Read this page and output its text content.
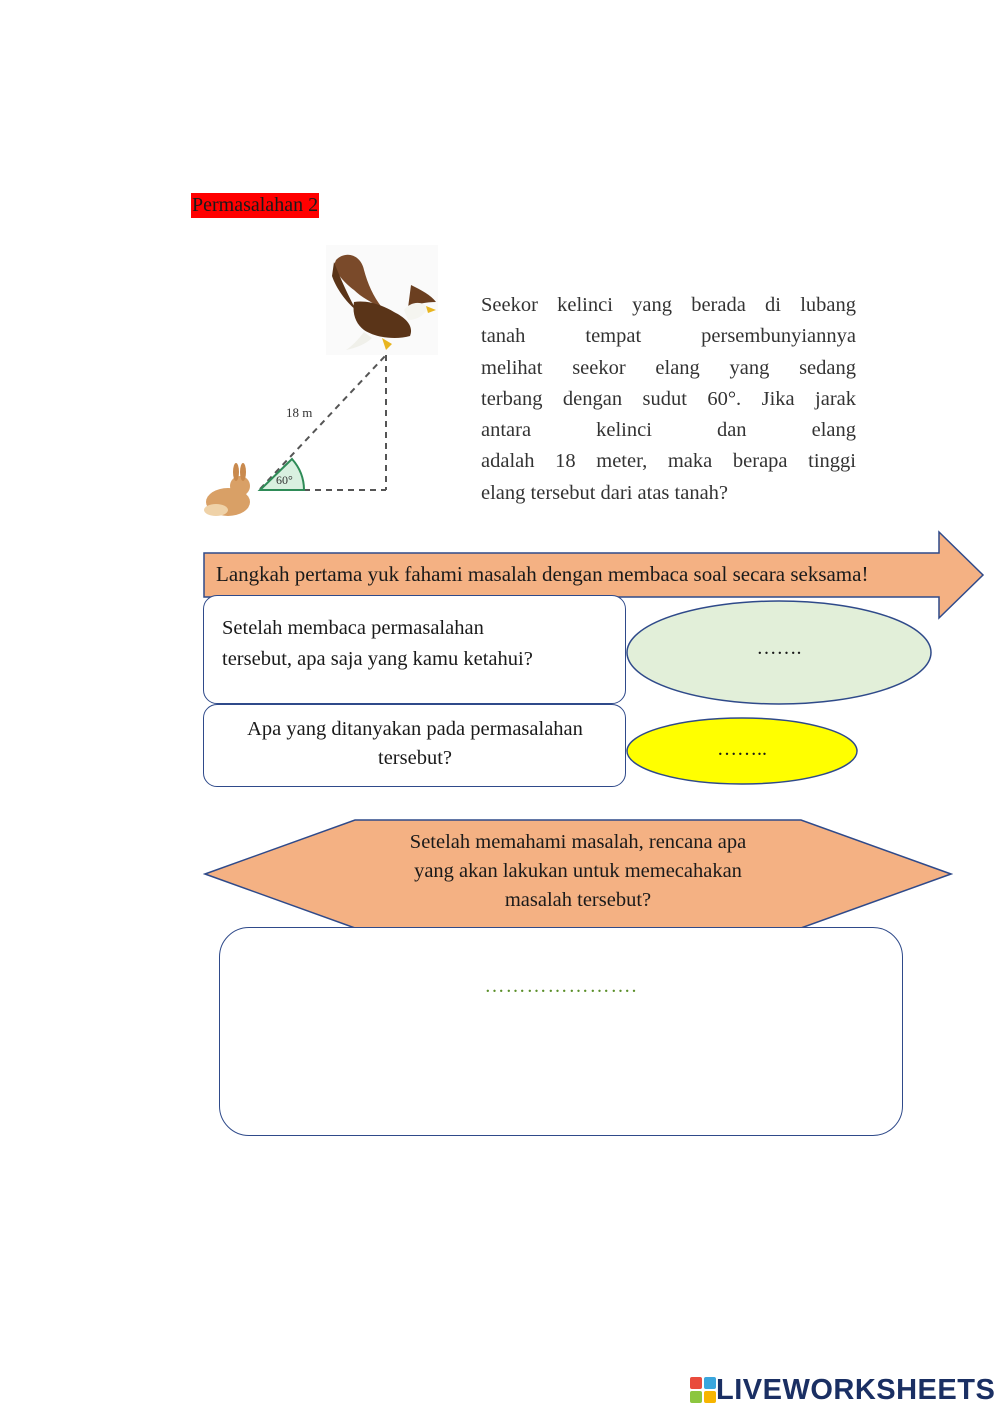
Permasalahan 2
60°
18 m
Seekor kelinci yang berada di lubang
tanah tempat persembunyiannya
melihat seekor elang yang sedang
terbang dengan sudut 60°. Jika jarak
antara kelinci dan elang
adalah 18 meter, maka berapa tinggi
elang tersebut dari atas tanah?
Langkah pertama yuk fahami masalah dengan membaca soal secara seksama!
Setelah membaca permasalahan
tersebut, apa saja yang kamu ketahui?	…….
Apa yang ditanyakan pada permasalahan
tersebut?	……..
Setelah memahami masalah, rencana apa
yang akan lakukan untuk memecahakan
masalah tersebut?
………………….
LIVEWORKSHEETS
